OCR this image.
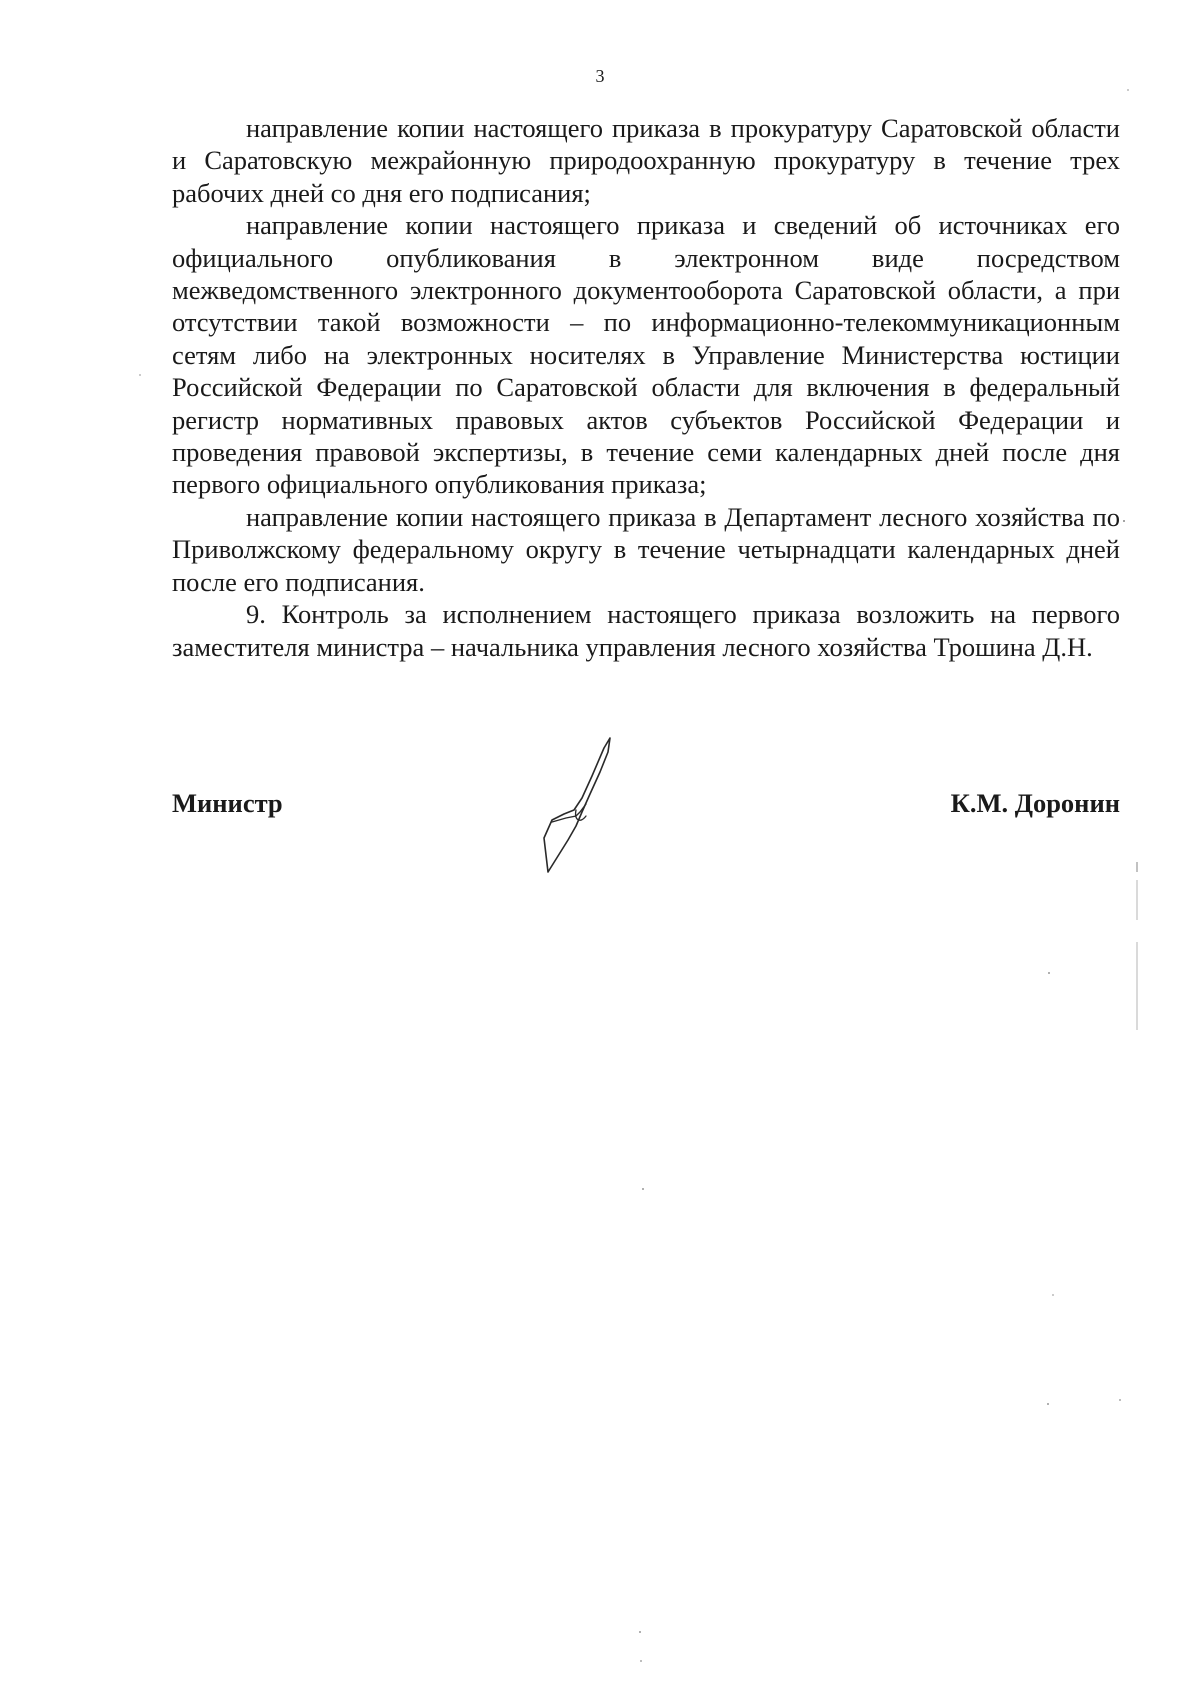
3

направление копии настоящего приказа в прокуратуру Саратовской области и Саратовскую межрайонную природоохранную прокуратуру в течение трех рабочих дней со дня его подписания;

направление копии настоящего приказа и сведений об источниках его официального опубликования в электронном виде посредством межведомственного электронного документооборота Саратовской области, а при отсутствии такой возможности – по информационно-телекоммуникационным сетям либо на электронных носителях в Управление Министерства юстиции Российской Федерации по Саратовской области для включения в федеральный регистр нормативных правовых актов субъектов Российской Федерации и проведения правовой экспертизы, в течение семи календарных дней после дня первого официального опубликования приказа;

направление копии настоящего приказа в Департамент лесного хозяйства по Приволжскому федеральному округу в течение четырнадцати календарных дней после его подписания.

9. Контроль за исполнением настоящего приказа возложить на первого заместителя министра – начальника управления лесного хозяйства Трошина Д.Н.

Министр	К.М. Доронин
